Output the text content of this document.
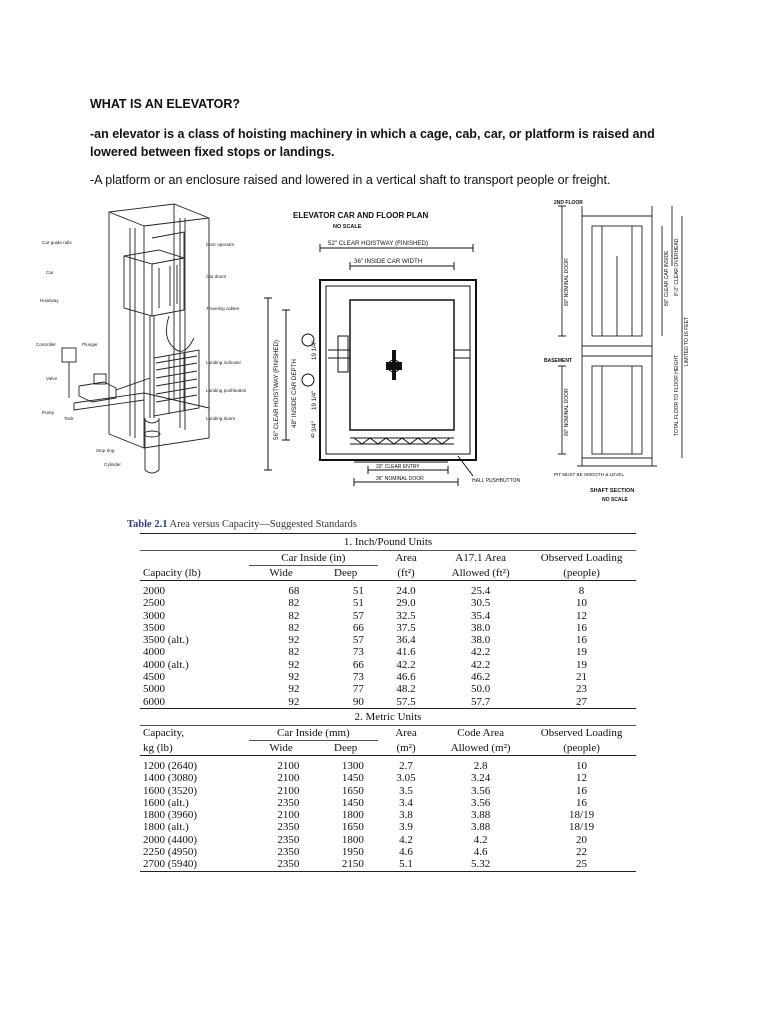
WHAT IS AN ELEVATOR?
-an elevator is a class of hoisting machinery in which a cage, cab, car, or platform is raised and lowered between fixed stops or landings.
-A platform or an enclosure raised and lowered in a vertical shaft to transport people or freight.
Car guide rails	Door operator
Car
Car doors
Hoistway
Traveling cables
Controller	Plunger
Landing indicator
Valve
Landing pushbutton
Pump
Tank	Landing doors
Stop ring
Cylinder
ELEVATOR CAR AND FLOOR PLAN
NO SCALE
52" CLEAR HOISTWAY (FINISHED)
36" INSIDE CAR WIDTH
56" CLEAR HOISTWAY (FINISHED) 48" INSIDE CAR DEPTH
19 1/4"
19 1/4"
3/4"
9
33" CLEAR ENTRY
36" NOMINAL DOOR	HALL PUSHBUTTON
2ND FLOOR
BASEMENT
80" NOMINAL DOOR
80" NOMINAL DOOR
80" CLEAR CAR INSIDE 8'-2" CLEAR OVERHEAD
TOTAL FLOOR TO FLOOR HEIGHT
LIMITED TO 16 FEET
PIT MUST BE SMOOTH & LEVEL
SHAFT SECTION
NO SCALE
Table 2.1 Area versus Capacity—Suggested Standards
1. Inch/Pound Units					
	Car Inside (in)		Area	A17.1 Area	Observed Loading
Capacity (lb)	Wide	Deep	(ft²)	Allowed (ft²)	(people)
2000	68	51	24.0	25.4	8
2500	82	51	29.0	30.5	10
3000	82	57	32.5	35.4	12
3500	82	66	37.5	38.0	16
3500 (alt.)	92	57	36.4	38.0	16
4000	82	73	41.6	42.2	19
4000 (alt.)	92	66	42.2	42.2	19
4500	92	73	46.6	46.2	21
5000	92	77	48.2	50.0	23
6000	92	90	57.5	57.7	27
2. Metric Units					
Capacity,	Car Inside (mm)		Area	Code Area	Observed Loading
kg (lb)	Wide	Deep	(m²)	Allowed (m²)	(people)
1200 (2640)	2100	1300	2.7	2.8	10
1400 (3080)	2100	1450	3.05	3.24	12
1600 (3520)	2100	1650	3.5	3.56	16
1600 (alt.)	2350	1450	3.4	3.56	16
1800 (3960)	2100	1800	3.8	3.88	18/19
1800 (alt.)	2350	1650	3.9	3.88	18/19
2000 (4400)	2350	1800	4.2	4.2	20
2250 (4950)	2350	1950	4.6	4.6	22
2700 (5940)	2350	2150	5.1	5.32	25
